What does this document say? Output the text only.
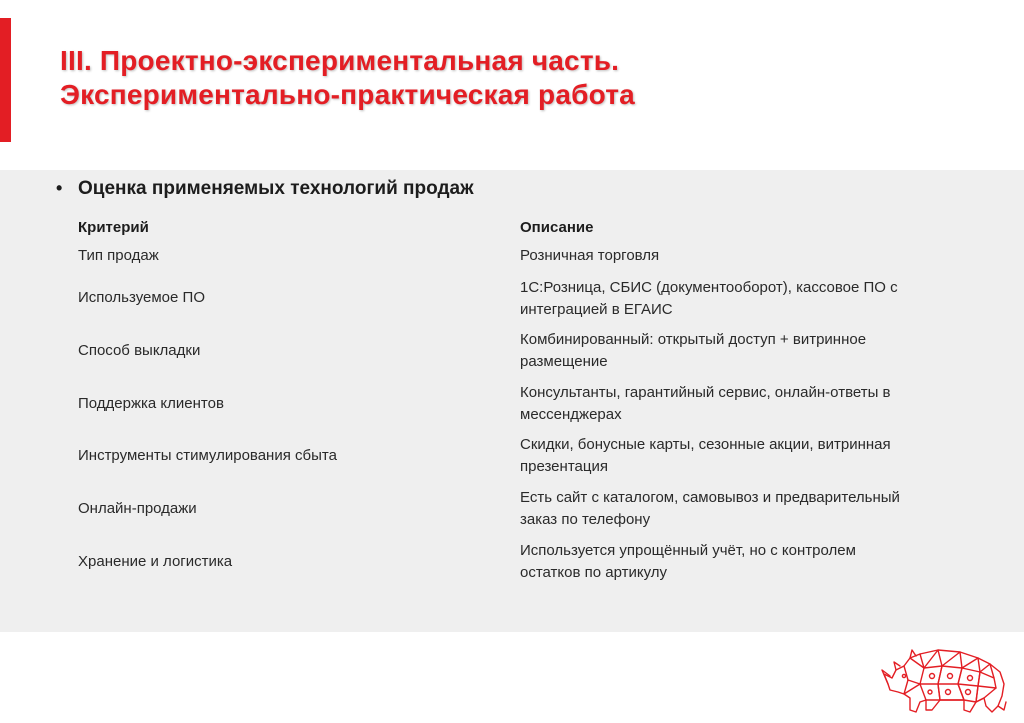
III. Проектно-экспериментальная часть.
Экспериментально-практическая работа
• Оценка применяемых технологий продаж
Критерий	Описание
Тип продаж	Розничная торговля
Используемое ПО
1С:Розница, СБИС (документооборот), кассовое ПО с
интеграцией в ЕГАИС
Способ выкладки
Комбинированный: открытый доступ + витринное
размещение
Поддержка клиентов
Консультанты, гарантийный сервис, онлайн-ответы в
мессенджерах
Инструменты стимулирования сбыта
Скидки, бонусные карты, сезонные акции, витринная
презентация
Онлайн-продажи
Есть сайт с каталогом, самовывоз и предварительный
заказ по телефону
Хранение и логистика
Используется упрощённый учёт, но с контролем
остатков по артикулу
